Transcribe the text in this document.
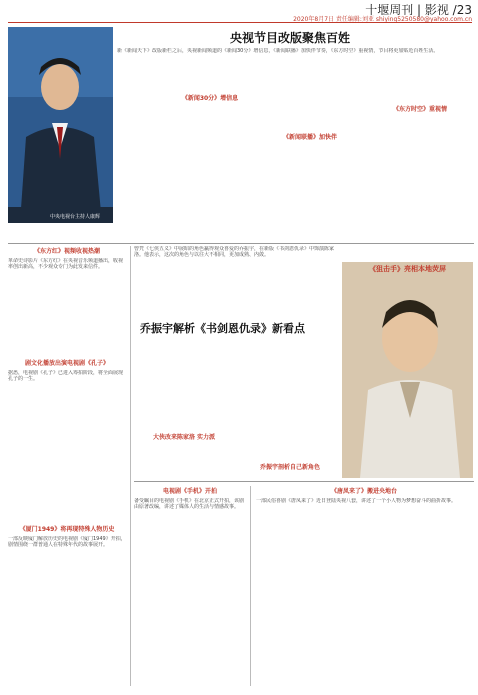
十堰周刊 | 影视 /23
2020年8月7日 责任编辑:刘亚 shiying5250580@yahoo.com.cn
中央电视台主持人康辉
央视节目改版聚焦百姓
新《新闻天下》改版新栏之后，央视新闻频道的《新闻30分》增信息，《新闻联播》加快伴节奏，《东方时空》重视情，节目将更加贴近百姓生活。
《新闻30分》增信息
《新闻联播》加快伴
《东方时空》重视情
《东方红》视频收视热潮
革命史诗影片《东方红》在央视音乐频道播出，收视率创出新高，不少观众专门为此发来信件。
剧文化播放出演电视剧《孔子》
据悉，电视剧《孔子》已进入筹拍阶段，将全面展现孔子的一生。
《厦门1949》将再现特殊人物历史
一部反映厦门解放历史的电视剧《厦门1949》开拍，剧情围绕一群普通人在特殊年代的故事展开。
曾凭《七侠五义》中展昭的角色赢得观众喜爱的乔振宇，在新版《书剑恩仇录》中饰演陈家洛。他表示，这次的角色与以往大不相同，更加成熟、内敛。
乔振宇解析《书剑恩仇录》新看点
大侠改来陈家洛 实力派
乔振宇剖析自己新角色
《狙击手》亮相本地荧屏
电视剧《手机》开拍
备受瞩目的电视剧《手机》在北京正式开拍，该剧由原著改编，讲述了媒体人的生活与情感故事。
《唐凤来了》搬进央地台
一部民俗喜剧《唐凤来了》近日登陆央视八套，讲述了一个小人物为梦想奋斗的曲折故事。
